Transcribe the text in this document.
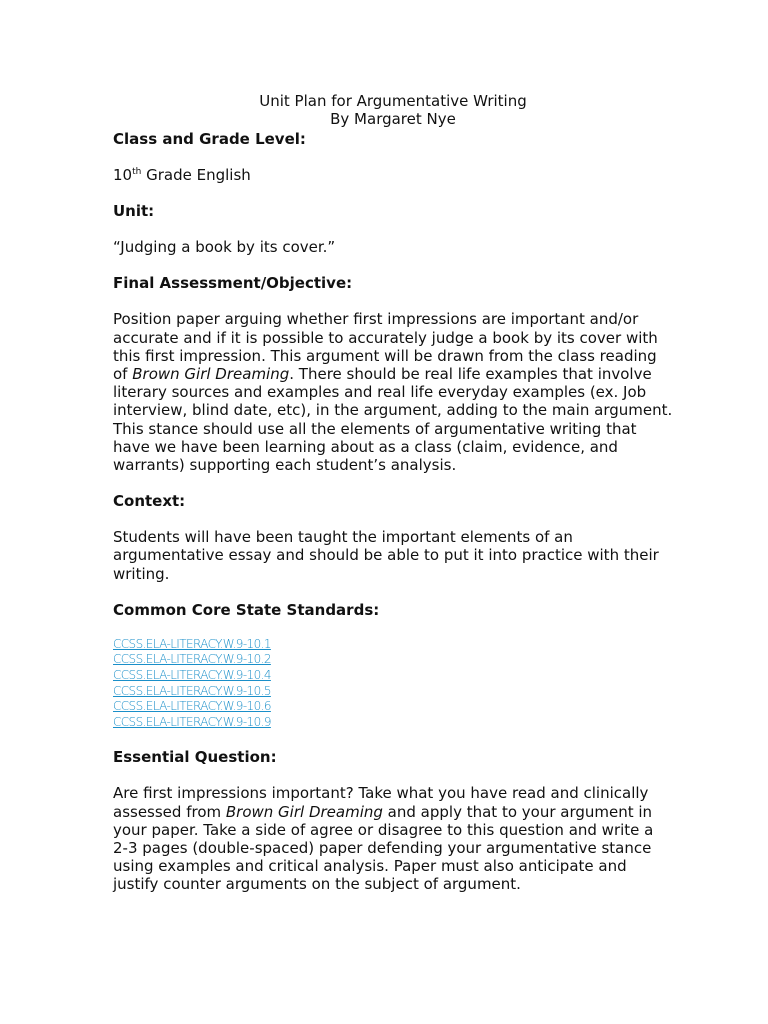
Unit Plan for Argumentative Writing

By Margaret Nye

Class and Grade Level:

10th Grade English

Unit:

“Judging a book by its cover.”

Final Assessment/Objective:

Position paper arguing whether first impressions are important and/or accurate and if it is possible to accurately judge a book by its cover with this first impression. This argument will be drawn from the class reading of Brown Girl Dreaming. There should be real life examples that involve literary sources and examples and real life everyday examples (ex. Job interview, blind date, etc), in the argument, adding to the main argument. This stance should use all the elements of argumentative writing that have we have been learning about as a class (claim, evidence, and warrants) supporting each student’s analysis.

Context:

Students will have been taught the important elements of an argumentative essay and should be able to put it into practice with their writing.

Common Core State Standards:

CCSS.ELA-LITERACY.W.9-10.1
CCSS.ELA-LITERACY.W.9-10.2
CCSS.ELA-LITERACY.W.9-10.4
CCSS.ELA-LITERACY.W.9-10.5
CCSS.ELA-LITERACY.W.9-10.6
CCSS.ELA-LITERACY.W.9-10.9

Essential Question:

Are first impressions important? Take what you have read and clinically assessed from Brown Girl Dreaming and apply that to your argument in your paper. Take a side of agree or disagree to this question and write a 2-3 pages (double-spaced) paper defending your argumentative stance using examples and critical analysis. Paper must also anticipate and justify counter arguments on the subject of argument.
